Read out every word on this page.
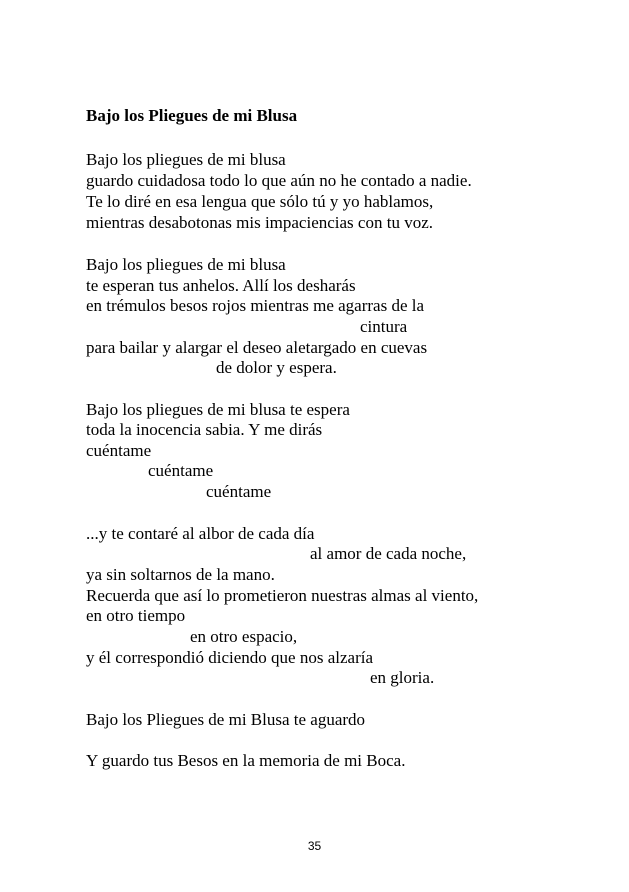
Bajo los Pliegues de mi Blusa
Bajo los pliegues de mi blusa
guardo cuidadosa todo lo que aún no he contado a nadie.
Te lo diré en esa lengua que sólo tú y yo hablamos,
mientras desabotonas mis impaciencias con tu voz.
Bajo los pliegues de mi blusa
te esperan tus anhelos. Allí los desharás
en trémulos besos rojos mientras me agarras de la
cintura
para bailar y alargar el deseo aletargado en cuevas
de dolor y espera.
Bajo los pliegues de mi blusa te espera
toda la inocencia sabia. Y me dirás
cuéntame
cuéntame
cuéntame
...y te contaré al albor de cada día
al amor de cada noche,
ya sin soltarnos de la mano.
Recuerda que así lo prometieron nuestras almas al viento,
en otro tiempo
en otro espacio,
y él correspondió diciendo que nos alzaría
en gloria.
Bajo los Pliegues de mi Blusa te aguardo
Y guardo tus Besos en la memoria de mi Boca.
35
